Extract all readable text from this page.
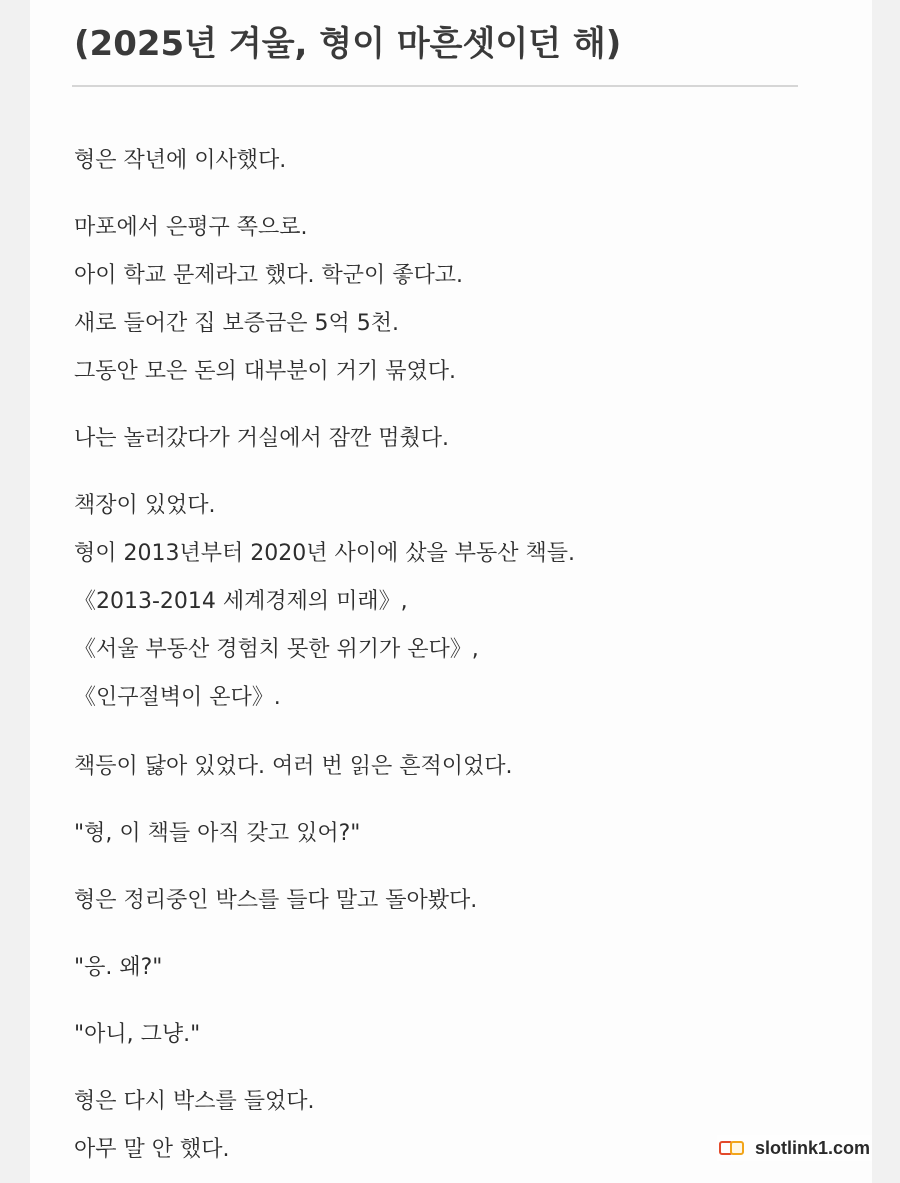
(2025년 겨울, 형이 마흔셋이던 해)
형은 작년에 이사했다.
마포에서 은평구 쪽으로.
아이 학교 문제라고 했다. 학군이 좋다고.
새로 들어간 집 보증금은 5억 5천.
그동안 모은 돈의 대부분이 거기 묶였다.
나는 놀러갔다가 거실에서 잠깐 멈췄다.
책장이 있었다.
형이 2013년부터 2020년 사이에 샀을 부동산 책들.
《2013-2014 세계경제의 미래》,
《서울 부동산 경험치 못한 위기가 온다》,
《인구절벽이 온다》.
책등이 닳아 있었다. 여러 번 읽은 흔적이었다.
"형, 이 책들 아직 갖고 있어?"
형은 정리중인 박스를 들다 말고 돌아봤다.
"응. 왜?"
"아니, 그냥."
형은 다시 박스를 들었다.
아무 말 안 했다.	slotlink1.com
